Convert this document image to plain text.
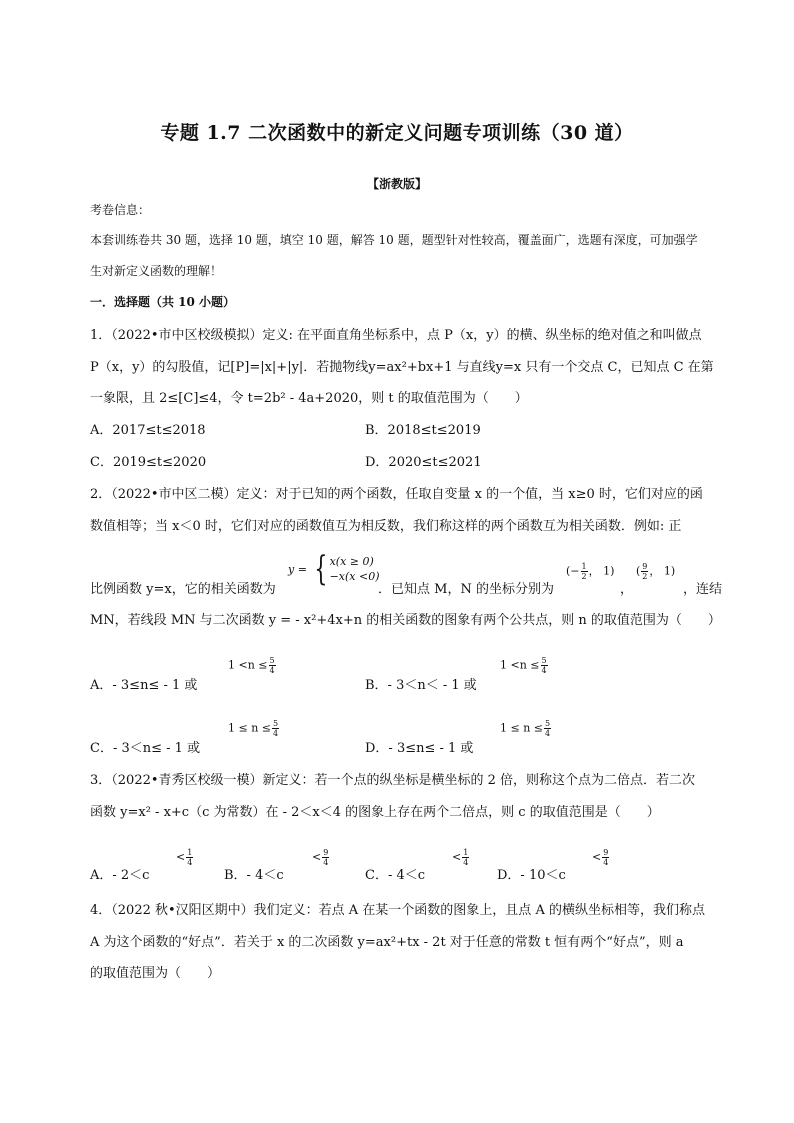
专题 1.7 二次函数中的新定义问题专项训练（30 道）
【浙教版】
考卷信息：
本套训练卷共 30 题，选择 10 题，填空 10 题，解答 10 题，题型针对性较高，覆盖面广，选题有深度，可加强学
生对新定义函数的理解！
一．选择题（共 10 小题）
1．（2022•市中区校级模拟）定义: 在平面直角坐标系中，点 P（x，y）的横、纵坐标的绝对值之和叫做点
P（x，y）的勾股值，记[P]=|x|+|y|．若抛物线y=ax²+bx+1 与直线y=x 只有一个交点 C，已知点 C 在第
一象限，且 2≤[C]≤4，令 t=2b² - 4a+2020，则 t 的取值范围为（　　）
A．2017≤t≤2018	B．2018≤t≤2019
C．2019≤t≤2020	D．2020≤t≤2021
2．（2022•市中区二模）定义：对于已知的两个函数，任取自变量 x 的一个值，当 x≥0 时，它们对应的函
数值相等；当 x＜0 时，它们对应的函数值互为相反数，我们称这样的两个函数互为相关函数．例如: 正
比例函数 y=x，它的相关函数为
y = { x(x ≥ 0)
−x(x <0)
．已知点 M，N 的坐标分别为
(− $\frac{1}{2}$ ， 1) ( $\frac{9}{2}$ ， 1)
，	，连结
MN，若线段 MN 与二次函数 y = - x²+4x+n 的相关函数的图象有两个公共点，则 n 的取值范围为（　　）
A．- 3≤n≤ - 1 或
$1 <n \le \frac{5}{4}$
B．- 3＜n＜ - 1 或
$1 <n \le \frac{5}{4}$
C．- 3＜n≤ - 1 或
$1 \le n \le \frac{5}{4}$
D．- 3≤n≤ - 1 或
$1 \le n \le \frac{5}{4}$
3．（2022•青秀区校级一模）新定义：若一个点的纵坐标是横坐标的 2 倍，则称这个点为二倍点．若二次
函数 y=x² - x+c（c 为常数）在 - 2＜x＜4 的图象上存在两个二倍点，则 c 的取值范围是（　　）
A．- 2＜c
< $\frac{1}{4}$
B．- 4＜c
< $\frac{9}{4}$
C．- 4＜c
< $\frac{1}{4}$
D．- 10＜c
< $\frac{9}{4}$
4．（2022 秋•汉阳区期中）我们定义：若点 A 在某一个函数的图象上，且点 A 的横纵坐标相等，我们称点
A 为这个函数的“好点”．若关于 x 的二次函数 y=ax²+tx - 2t 对于任意的常数 t 恒有两个“好点”，则 a
的取值范围为（　　）
